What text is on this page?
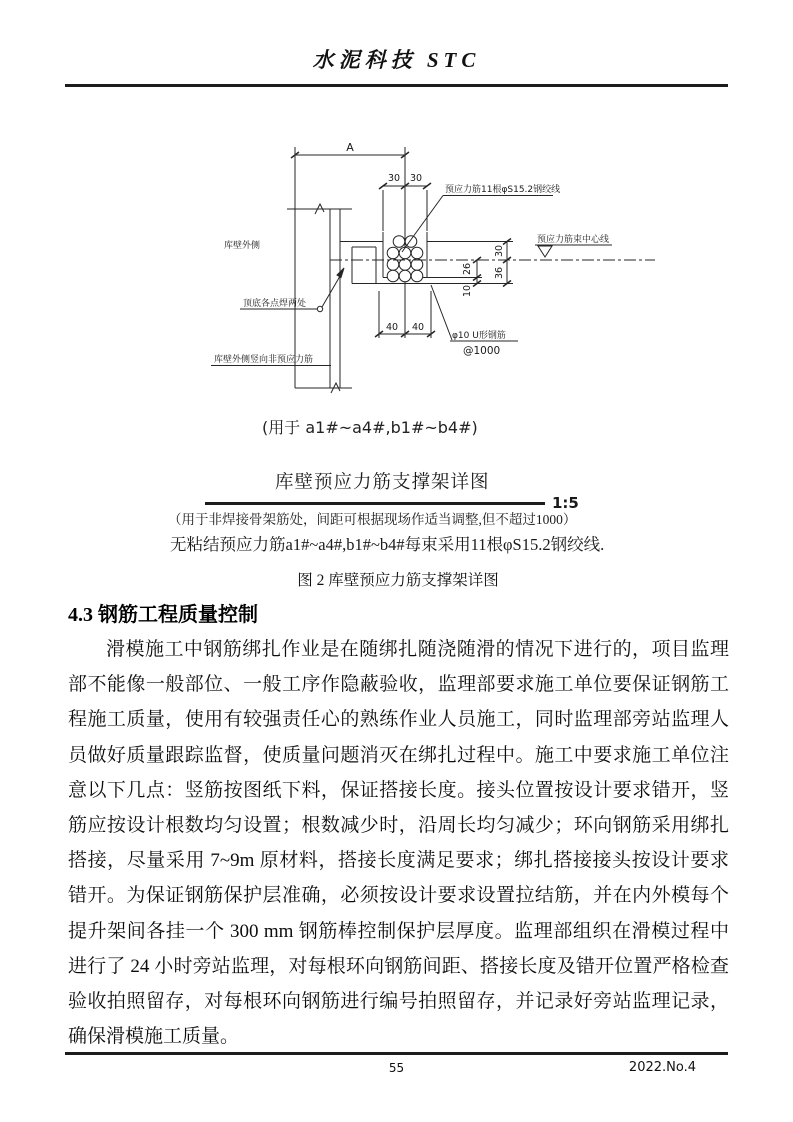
水泥科技 STC
A
30 30
40 40
30
36
26
10
预应力筋11根φS15.2钢绞线
预应力筋束中心线
库壁外侧
顶底各点焊两处
库壁外侧竖向非预应力筋
φ10 U形钢筋
@1000
(用于 a1#~a4#,b1#~b4#)
库壁预应力筋支撑架详图
1:5
（用于非焊接骨架筋处，间距可根据现场作适当调整,但不超过1000）
无粘结预应力筋a1#~a4#,b1#~b4#每束采用11根φS15.2钢绞线.
图 2 库壁预应力筋支撑架详图
4.3 钢筋工程质量控制

滑模施工中钢筋绑扎作业是在随绑扎随浇随滑的情况下进行的，项目监理部不能像一般部位、一般工序作隐蔽验收，监理部要求施工单位要保证钢筋工程施工质量，使用有较强责任心的熟练作业人员施工，同时监理部旁站监理人员做好质量跟踪监督，使质量问题消灭在绑扎过程中。施工中要求施工单位注意以下几点：竖筋按图纸下料，保证搭接长度。接头位置按设计要求错开，竖筋应按设计根数均匀设置；根数减少时，沿周长均匀减少；环向钢筋采用绑扎搭接，尽量采用 7~9m 原材料，搭接长度满足要求；绑扎搭接接头按设计要求错开。为保证钢筋保护层准确，必须按设计要求设置拉结筋，并在内外模每个提升架间各挂一个 300 mm 钢筋棒控制保护层厚度。监理部组织在滑模过程中进行了 24 小时旁站监理，对每根环向钢筋间距、搭接长度及错开位置严格检查验收拍照留存，对每根环向钢筋进行编号拍照留存，并记录好旁站监理记录，确保滑模施工质量。

55	2022.No.4
